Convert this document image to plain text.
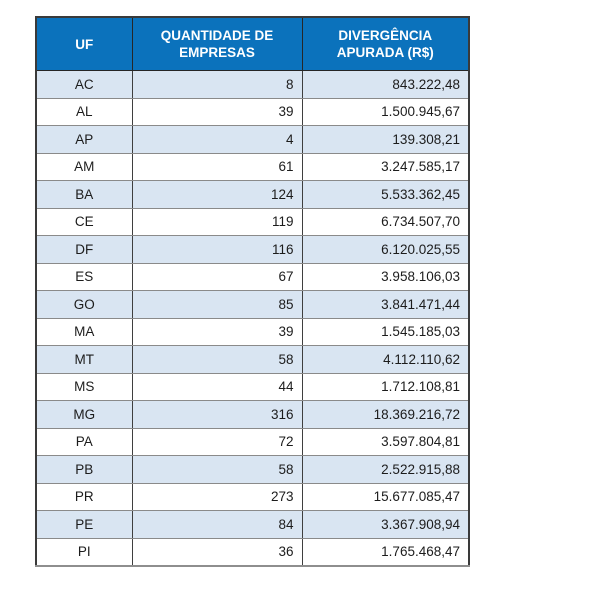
UF	QUANTIDADE DE EMPRESAS	DIVERGÊNCIA APURADA (R$)
AC	8	843.222,48
AL	39	1.500.945,67
AP	4	139.308,21
AM	61	3.247.585,17
BA	124	5.533.362,45
CE	119	6.734.507,70
DF	116	6.120.025,55
ES	67	3.958.106,03
GO	85	3.841.471,44
MA	39	1.545.185,03
MT	58	4.112.110,62
MS	44	1.712.108,81
MG	316	18.369.216,72
PA	72	3.597.804,81
PB	58	2.522.915,88
PR	273	15.677.085,47
PE	84	3.367.908,94
PI	36	1.765.468,47
